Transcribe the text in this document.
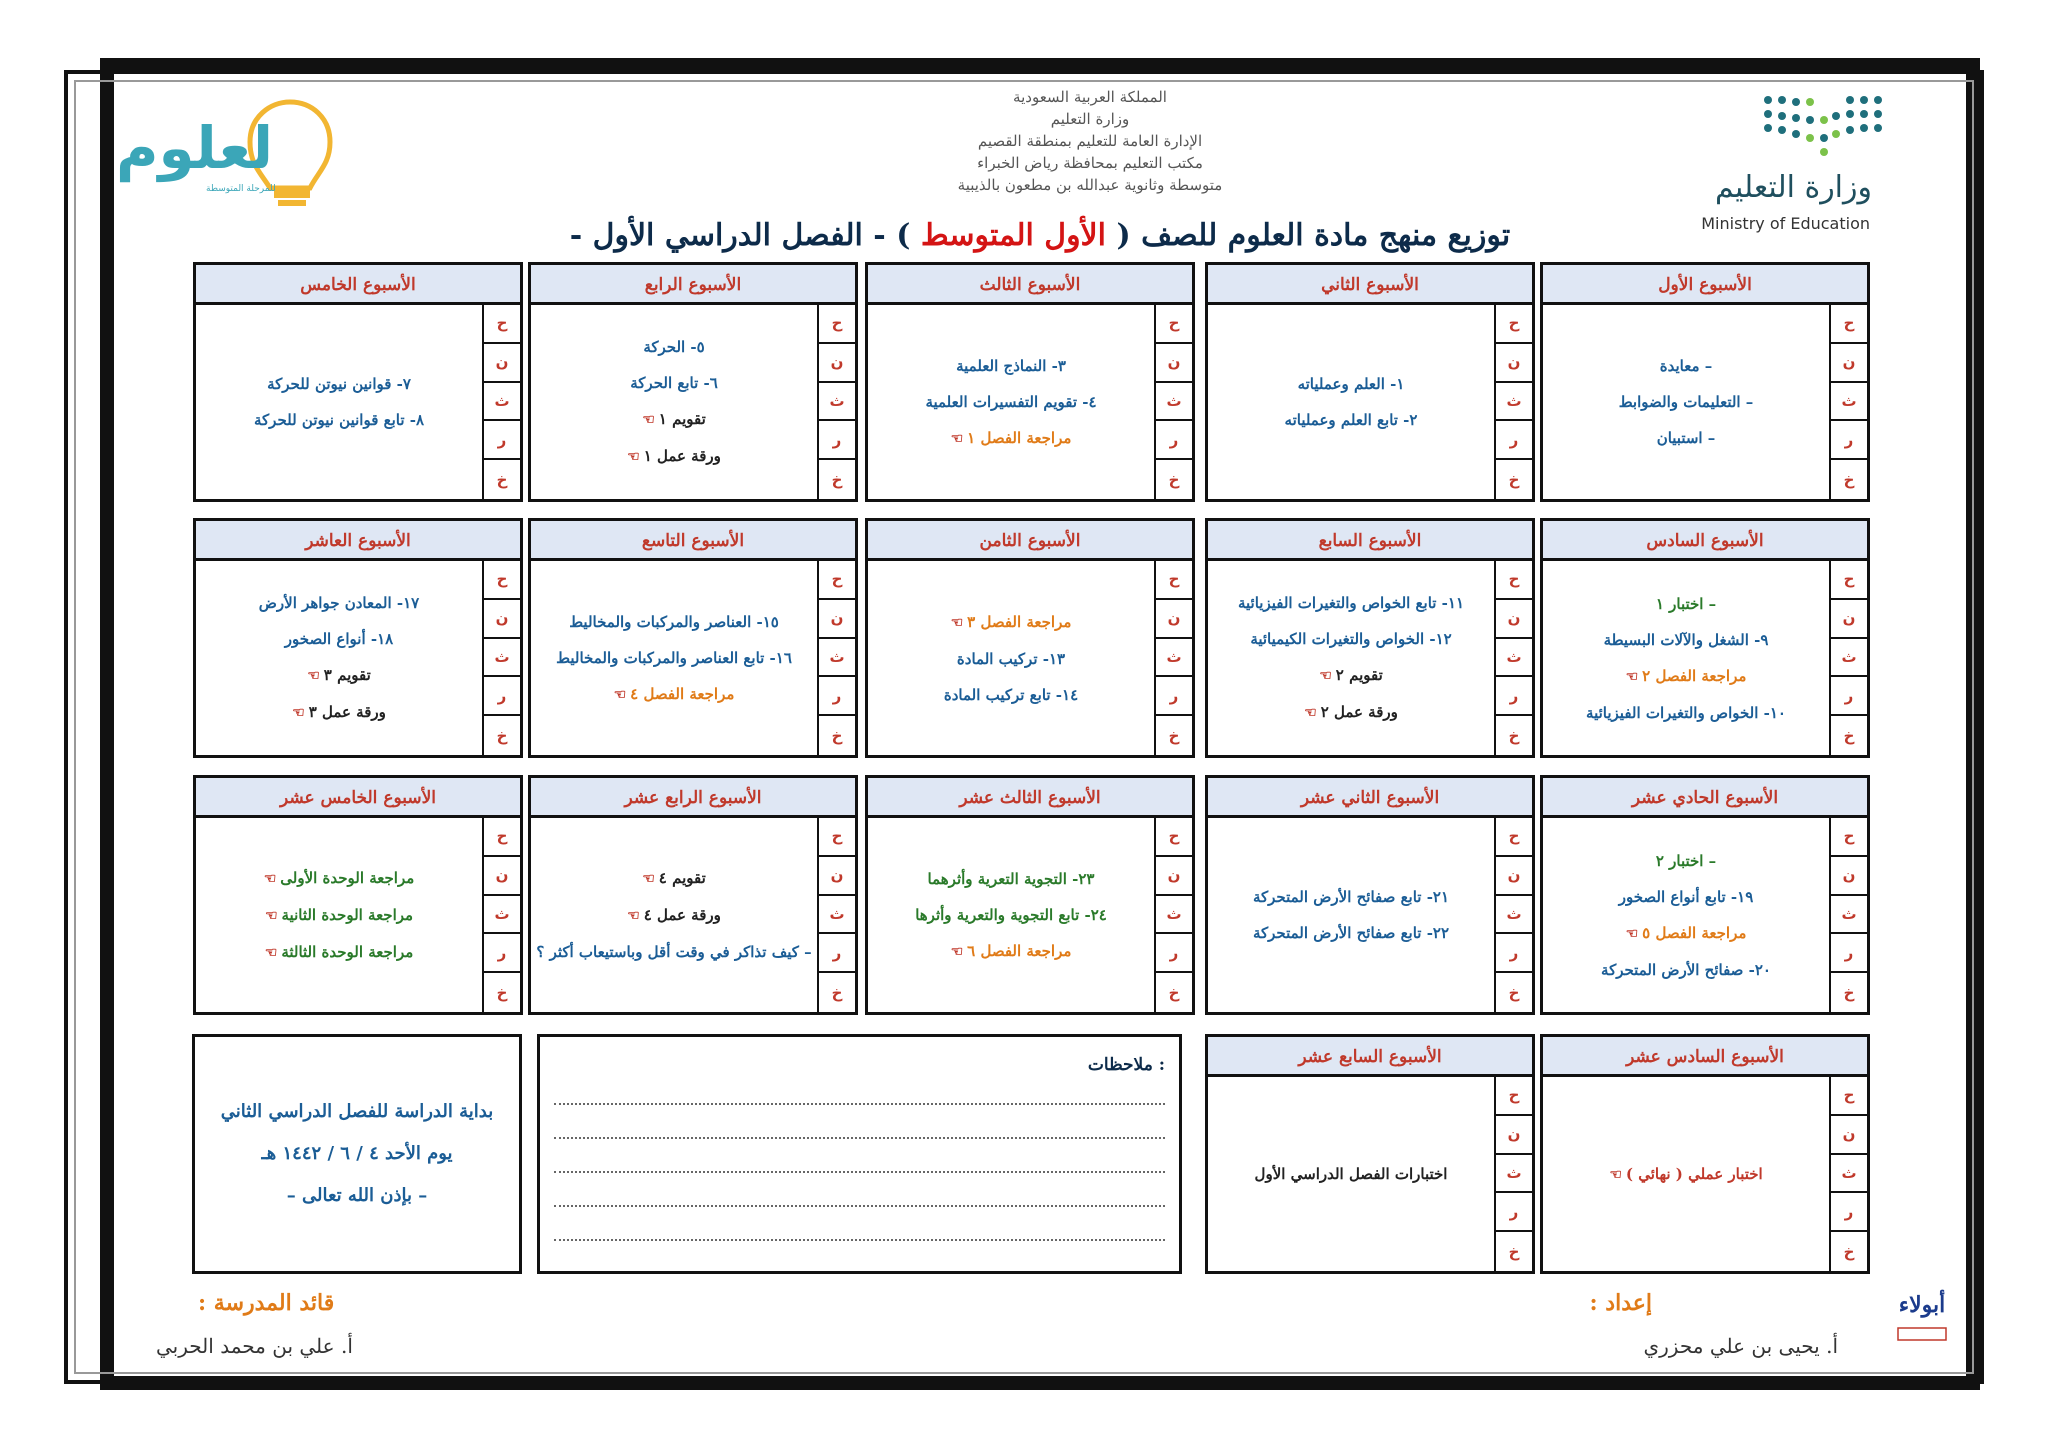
وزارة التعليم
Ministry of Education
لعلوم
للمرحلة المتوسطة
المملكة العربية السعودية
وزارة التعليم
الإدارة العامة للتعليم بمنطقة القصيم
مكتب التعليم بمحافظة رياض الخبراء
متوسطة وثانوية عبدالله بن مطعون بالذيبية
توزيع منهج مادة العلوم للصف ( الأول المتوسط ) - الفصل الدراسي الأول -
الأسبوع الأول
ح
ن
ث
ر
خ
– معايدة
– التعليمات والضوابط
– استبيان
الأسبوع الثاني
ح
ن
ث
ر
خ
١- العلم وعملياته
٢- تابع العلم وعملياته
الأسبوع الثالث
ح
ن
ث
ر
خ
٣- النماذج العلمية
٤- تقويم التفسيرات العلمية
مراجعة الفصل ١☜
الأسبوع الرابع
ح
ن
ث
ر
خ
٥- الحركة
٦- تابع الحركة
تقويم ١☜
ورقة عمل ١☜
الأسبوع الخامس
ح
ن
ث
ر
خ
٧- قوانين نيوتن للحركة
٨- تابع قوانين نيوتن للحركة
الأسبوع السادس
ح
ن
ث
ر
خ
– اختبار ١
٩- الشغل والآلات البسيطة
مراجعة الفصل ٢☜
١٠- الخواص والتغيرات الفيزيائية
الأسبوع السابع
ح
ن
ث
ر
خ
١١- تابع الخواص والتغيرات الفيزيائية
١٢- الخواص والتغيرات الكيميائية
تقويم ٢☜
ورقة عمل ٢☜
الأسبوع الثامن
ح
ن
ث
ر
خ
مراجعة الفصل ٣☜
١٣- تركيب المادة
١٤- تابع تركيب المادة
الأسبوع التاسع
ح
ن
ث
ر
خ
١٥- العناصر والمركبات والمخاليط
١٦- تابع العناصر والمركبات والمخاليط
مراجعة الفصل ٤☜
الأسبوع العاشر
ح
ن
ث
ر
خ
١٧- المعادن جواهر الأرض
١٨- أنواع الصخور
تقويم ٣☜
ورقة عمل ٣☜
الأسبوع الحادي عشر
ح
ن
ث
ر
خ
– اختبار ٢
١٩- تابع أنواع الصخور
مراجعة الفصل ٥☜
٢٠- صفائح الأرض المتحركة
الأسبوع الثاني عشر
ح
ن
ث
ر
خ
٢١- تابع صفائح الأرض المتحركة
٢٢- تابع صفائح الأرض المتحركة
الأسبوع الثالث عشر
ح
ن
ث
ر
خ
٢٣- التجوية التعرية وأثرهما
٢٤- تابع التجوية والتعرية وأثرها
مراجعة الفصل ٦☜
الأسبوع الرابع عشر
ح
ن
ث
ر
خ
تقويم ٤☜
ورقة عمل ٤☜
– كيف تذاكر في وقت أقل وباستيعاب أكثر ؟
الأسبوع الخامس عشر
ح
ن
ث
ر
خ
مراجعة الوحدة الأولى☜
مراجعة الوحدة الثانية☜
مراجعة الوحدة الثالثة☜
الأسبوع السادس عشر
ح
ن
ث
ر
خ
اختبار عملي ( نهائي )☜
الأسبوع السابع عشر
ح
ن
ث
ر
خ
اختبارات الفصل الدراسي الأول
ملاحظات :
بداية الدراسة للفصل الدراسي الثاني
يوم الأحد ٤ / ٦ / ١٤٤٢ هـ
– بإذن الله تعالى –
إعداد :
أ. يحيى بن علي محزري
قائد المدرسة :
أ. علي بن محمد الحربي
أبولاء
